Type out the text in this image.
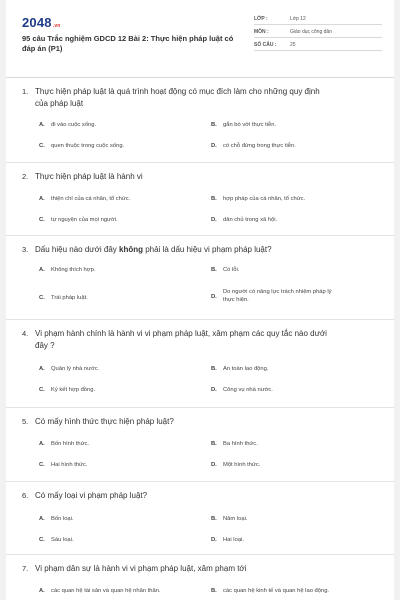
2048.vn
95 câu Trắc nghiệm GDCD 12 Bài 2: Thực hiện pháp luật có đáp án (P1)
LỚP :	Lớp 12
MÔN :	Giáo dục công dân
SỐ CÂU :	25
1. Thực hiện pháp luật là quá trình hoạt động có mục đích làm cho những quy định
của pháp luật
A. đi vào cuộc sống.	B. gắn bó với thực tiễn.
C. quen thuộc trong cuộc sống.	D. có chỗ đứng trong thực tiễn.
2. Thực hiện pháp luật là hành vi
A. thiện chí của cá nhân, tổ chức.	B. hợp pháp của cá nhân, tổ chức.
C. tự nguyện của mọi người.	D. dân chủ trong xã hội.
3. Dấu hiệu nào dưới đây không phải là dấu hiệu vi phạm pháp luật?
A. Không thích hợp.	B. Có lỗi.
C. Trái pháp luật.	D.Do người có năng lực trách nhiệm pháp lý
thực hiện.
4. Vi phạm hành chính là hành vi vi phạm pháp luật, xâm phạm các quy tắc nào dưới
đây ?
A. Quản lý nhà nước.	B. An toàn lao động.
C. Kỷ kết hợp đồng.	D. Công vụ nhà nước.
5. Có mấy hình thức thực hiện pháp luật?
A. Bốn hình thức.	B. Ba hình thức.
C. Hai hình thức.	D. Một hình thức.
6. Có mấy loại vi phạm pháp luật?
A. Bốn loại.	B. Năm loại.
C. Sáu loại.	D. Hai loại.
7. Vi phạm dân sự là hành vi vi phạm pháp luật, xâm phạm tới
A. các quan hệ tài sản và quan hệ nhân thân.	B. các quan hệ kinh tế và quan hệ lao động.
